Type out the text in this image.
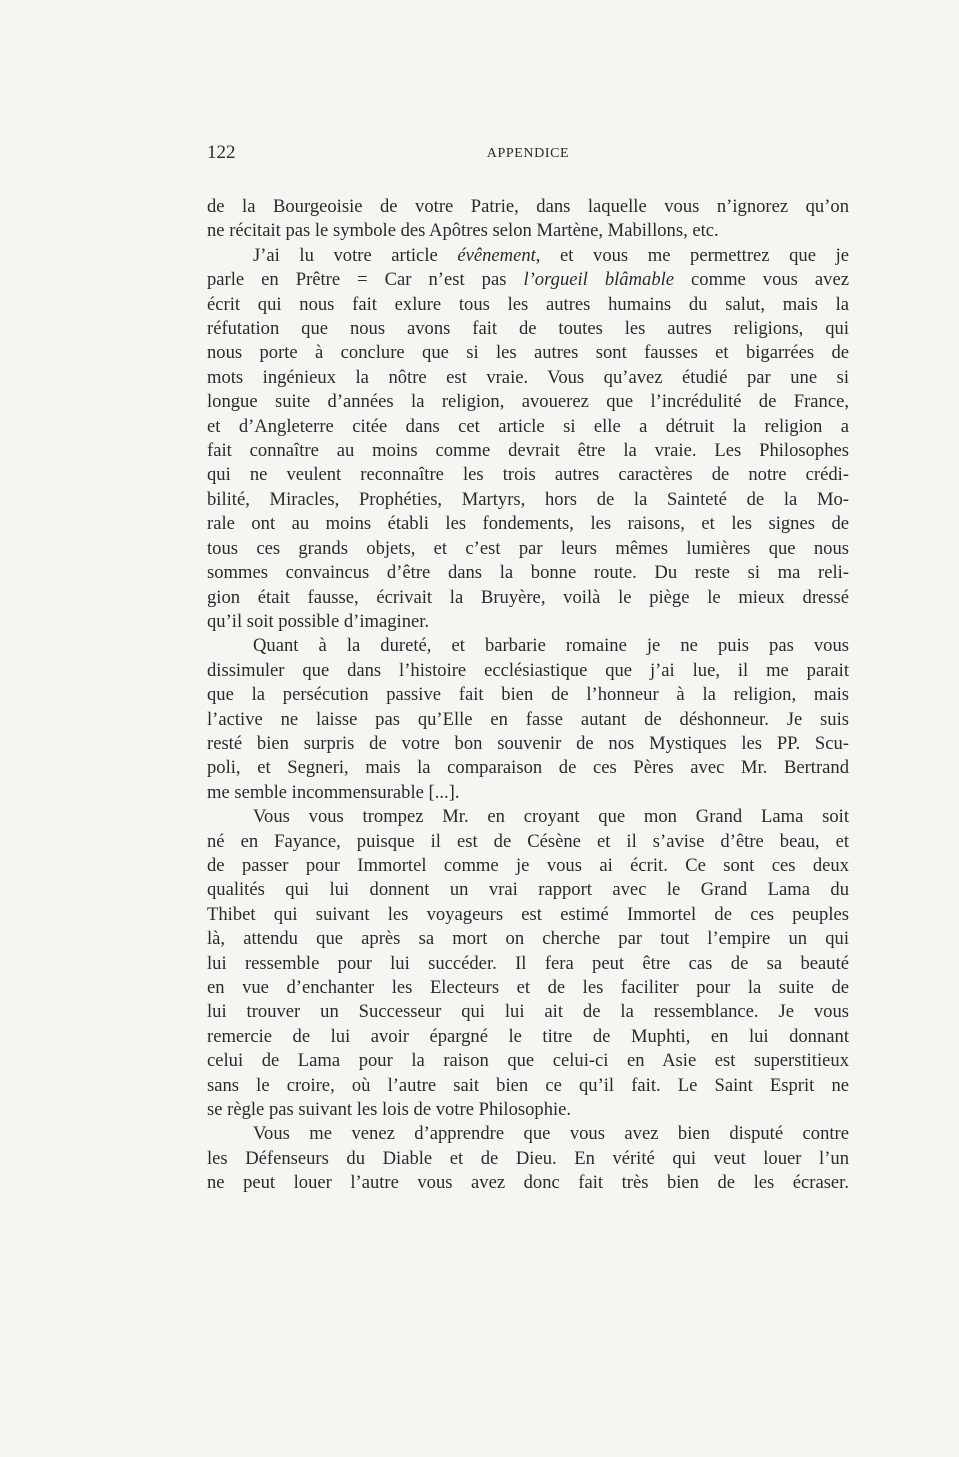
122	APPENDICE
de la Bourgeoisie de votre Patrie, dans laquelle vous n’ignorez qu’on
ne récitait pas le symbole des Apôtres selon Martène, Mabillons, etc.
J’ai lu votre article évênement, et vous me permettrez que je
parle en Prêtre = Car n’est pas l’orgueil blâmable comme vous avez
écrit qui nous fait exlure tous les autres humains du salut, mais la
réfutation que nous avons fait de toutes les autres religions, qui
nous porte à conclure que si les autres sont fausses et bigarrées de
mots ingénieux la nôtre est vraie. Vous qu’avez étudié par une si
longue suite d’années la religion, avouerez que l’incrédulité de France,
et d’Angleterre citée dans cet article si elle a détruit la religion a
fait connaître au moins comme devrait être la vraie. Les Philosophes
qui ne veulent reconnaître les trois autres caractères de notre crédi-
bilité, Miracles, Prophéties, Martyrs, hors de la Sainteté de la Mo-
rale ont au moins établi les fondements, les raisons, et les signes de
tous ces grands objets, et c’est par leurs mêmes lumières que nous
sommes convaincus d’être dans la bonne route. Du reste si ma reli-
gion était fausse, écrivait la Bruyère, voilà le piège le mieux dressé
qu’il soit possible d’imaginer.
Quant à la dureté, et barbarie romaine je ne puis pas vous
dissimuler que dans l’histoire ecclésiastique que j’ai lue, il me parait
que la persécution passive fait bien de l’honneur à la religion, mais
l’active ne laisse pas qu’Elle en fasse autant de déshonneur. Je suis
resté bien surpris de votre bon souvenir de nos Mystiques les PP. Scu-
poli, et Segneri, mais la comparaison de ces Pères avec Mr. Bertrand
me semble incommensurable [...].
Vous vous trompez Mr. en croyant que mon Grand Lama soit
né en Fayance, puisque il est de Césène et il s’avise d’être beau, et
de passer pour Immortel comme je vous ai écrit. Ce sont ces deux
qualités qui lui donnent un vrai rapport avec le Grand Lama du
Thibet qui suivant les voyageurs est estimé Immortel de ces peuples
là, attendu que après sa mort on cherche par tout l’empire un qui
lui ressemble pour lui succéder. Il fera peut être cas de sa beauté
en vue d’enchanter les Electeurs et de les faciliter pour la suite de
lui trouver un Successeur qui lui ait de la ressemblance. Je vous
remercie de lui avoir épargné le titre de Muphti, en lui donnant
celui de Lama pour la raison que celui-ci en Asie est superstitieux
sans le croire, où l’autre sait bien ce qu’il fait. Le Saint Esprit ne
se règle pas suivant les lois de votre Philosophie.
Vous me venez d’apprendre que vous avez bien disputé contre
les Défenseurs du Diable et de Dieu. En vérité qui veut louer l’un
ne peut louer l’autre vous avez donc fait très bien de les écraser.
